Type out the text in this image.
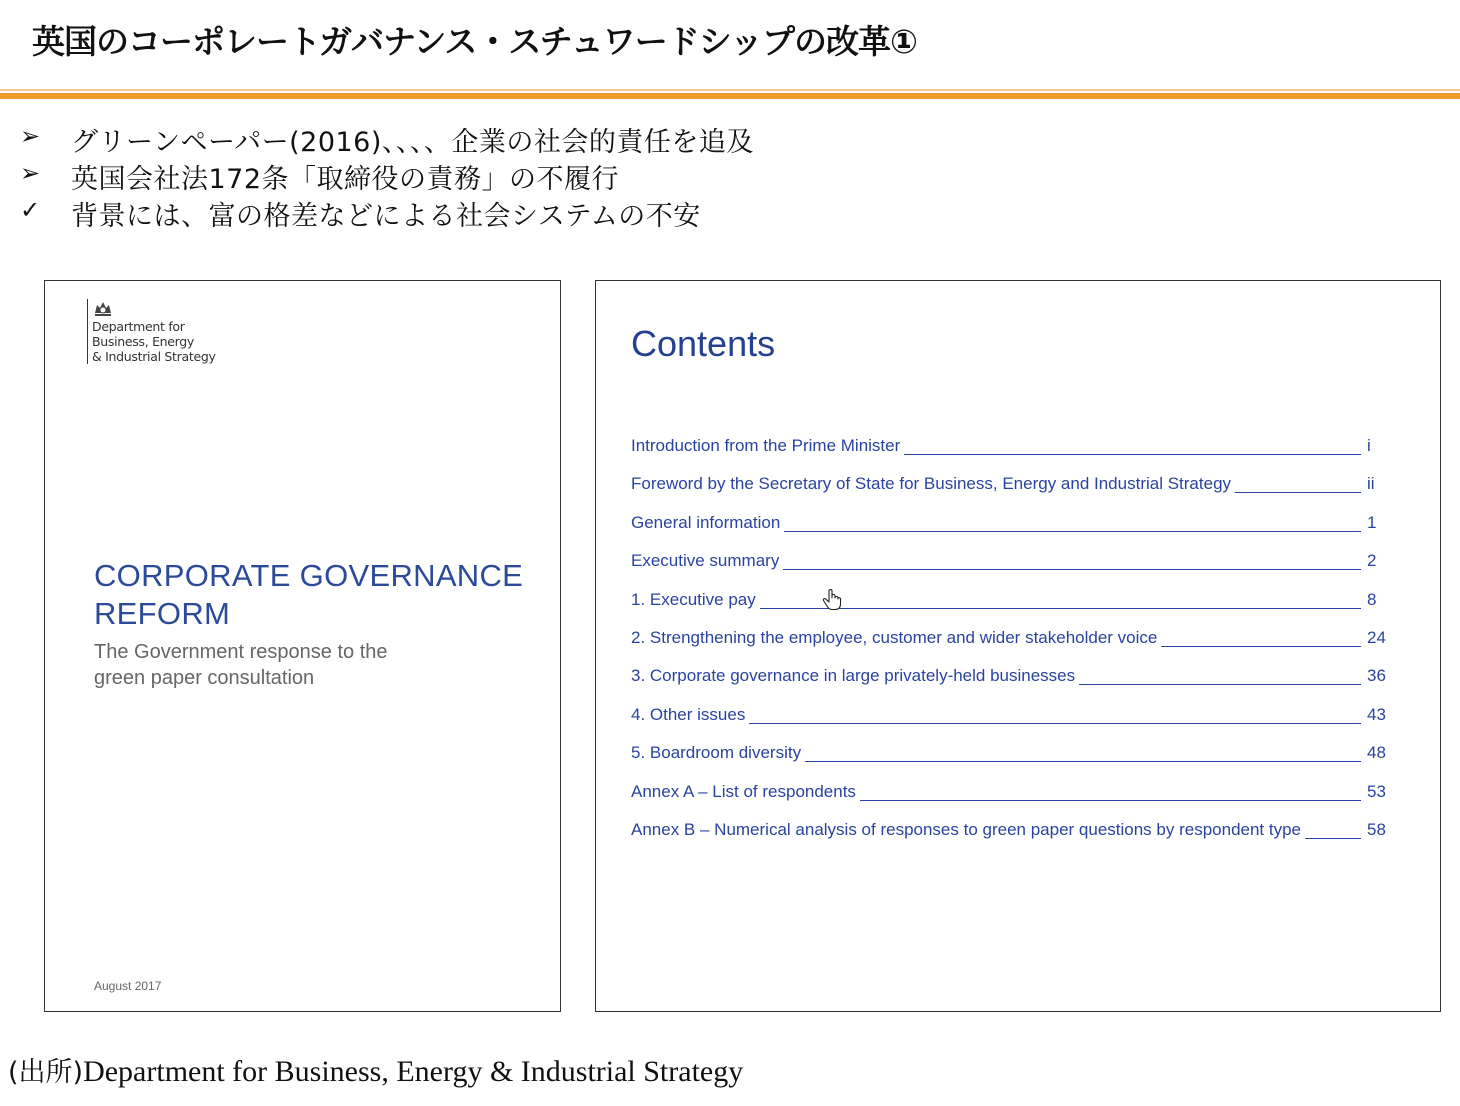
英国のコーポレートガバナンス・スチュワードシップの改革①
➢	グリーンペーパー(2016)、、、、企業の社会的責任を追及
➢	英国会社法172条「取締役の責務」の不履行
✓	背景には、富の格差などによる社会システムの不安
Department for
Business, Energy
& Industrial Strategy
CORPORATE GOVERNANCE
REFORM
The Government response to the
green paper consultation
August 2017
Contents
Introduction from the Prime Minister	i
Foreword by the Secretary of State for Business, Energy and Industrial Strategy	ii
General information	1
Executive summary	2
1. Executive pay	8
2. Strengthening the employee, customer and wider stakeholder voice	24
3. Corporate governance in large privately-held businesses	36
4. Other issues	43
5. Boardroom diversity	48
Annex A – List of respondents	53
Annex B – Numerical analysis of responses to green paper questions by respondent type	58
(出所)Department for Business, Energy & Industrial Strategy
